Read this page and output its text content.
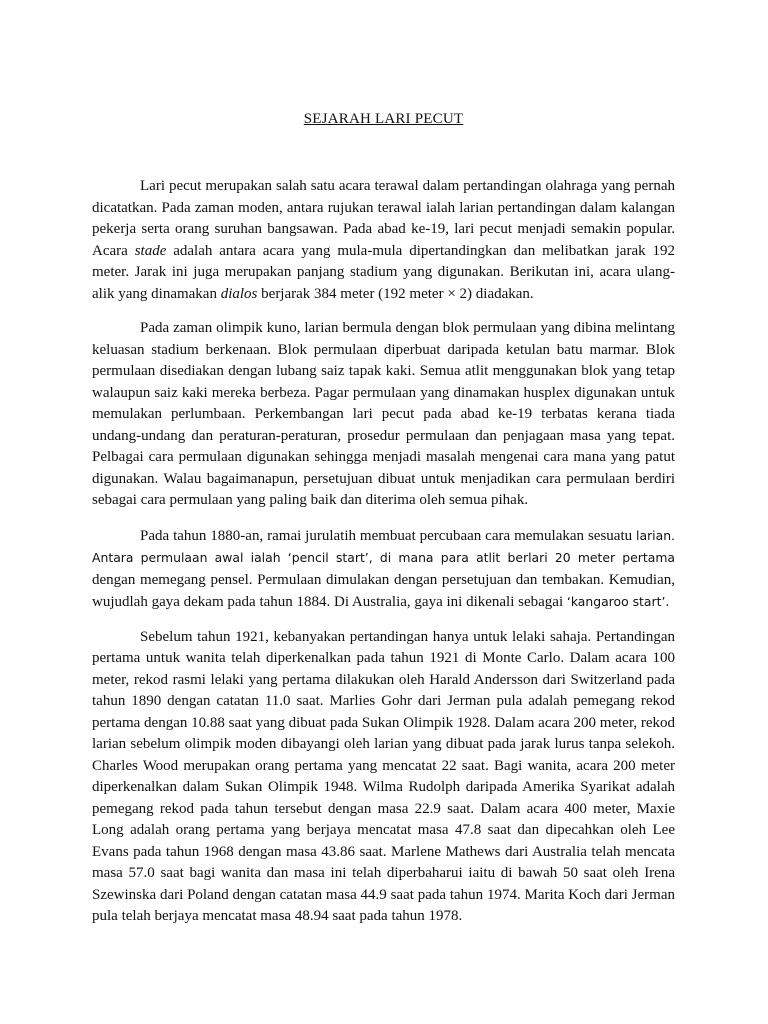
SEJARAH LARI PECUT

Lari pecut merupakan salah satu acara terawal dalam pertandingan olahraga yang pernah dicatatkan. Pada zaman moden, antara rujukan terawal ialah larian pertandingan dalam kalangan pekerja serta orang suruhan bangsawan. Pada abad ke-19, lari pecut menjadi semakin popular. Acara stade adalah antara acara yang mula-mula dipertandingkan dan melibatkan jarak 192 meter. Jarak ini juga merupakan panjang stadium yang digunakan. Berikutan ini, acara ulang-alik yang dinamakan dialos berjarak 384 meter (192 meter × 2) diadakan.

Pada zaman olimpik kuno, larian bermula dengan blok permulaan yang dibina melintang keluasan stadium berkenaan. Blok permulaan diperbuat daripada ketulan batu marmar. Blok permulaan disediakan dengan lubang saiz tapak kaki. Semua atlit menggunakan blok yang tetap walaupun saiz kaki mereka berbeza. Pagar permulaan yang dinamakan husplex digunakan untuk memulakan perlumbaan. Perkembangan lari pecut pada abad ke-19 terbatas kerana tiada undang-undang dan peraturan-peraturan, prosedur permulaan dan penjagaan masa yang tepat. Pelbagai cara permulaan digunakan sehingga menjadi masalah mengenai cara mana yang patut digunakan. Walau bagaimanapun, persetujuan dibuat untuk menjadikan cara permulaan berdiri sebagai cara permulaan yang paling baik dan diterima oleh semua pihak.

Pada tahun 1880-an, ramai jurulatih membuat percubaan cara memulakan sesuatu larian. Antara permulaan awal ialah ‘pencil start’, di mana para atlit berlari 20 meter pertama dengan memegang pensel. Permulaan dimulakan dengan persetujuan dan tembakan. Kemudian, wujudlah gaya dekam pada tahun 1884. Di Australia, gaya ini dikenali sebagai ‘kangaroo start’.

Sebelum tahun 1921, kebanyakan pertandingan hanya untuk lelaki sahaja. Pertandingan pertama untuk wanita telah diperkenalkan pada tahun 1921 di Monte Carlo. Dalam acara 100 meter, rekod rasmi lelaki yang pertama dilakukan oleh Harald Andersson dari Switzerland pada tahun 1890 dengan catatan 11.0 saat. Marlies Gohr dari Jerman pula adalah pemegang rekod pertama dengan 10.88 saat yang dibuat pada Sukan Olimpik 1928. Dalam acara 200 meter, rekod larian sebelum olimpik moden dibayangi oleh larian yang dibuat pada jarak lurus tanpa selekoh. Charles Wood merupakan orang pertama yang mencatat 22 saat. Bagi wanita, acara 200 meter diperkenalkan dalam Sukan Olimpik 1948. Wilma Rudolph daripada Amerika Syarikat adalah pemegang rekod pada tahun tersebut dengan masa 22.9 saat. Dalam acara 400 meter, Maxie Long adalah orang pertama yang berjaya mencatat masa 47.8 saat dan dipecahkan oleh Lee Evans pada tahun 1968 dengan masa 43.86 saat. Marlene Mathews dari Australia telah mencata masa 57.0 saat bagi wanita dan masa ini telah diperbaharui iaitu di bawah 50 saat oleh Irena Szewinska dari Poland dengan catatan masa 44.9 saat pada tahun 1974. Marita Koch dari Jerman pula telah berjaya mencatat masa 48.94 saat pada tahun 1978.
